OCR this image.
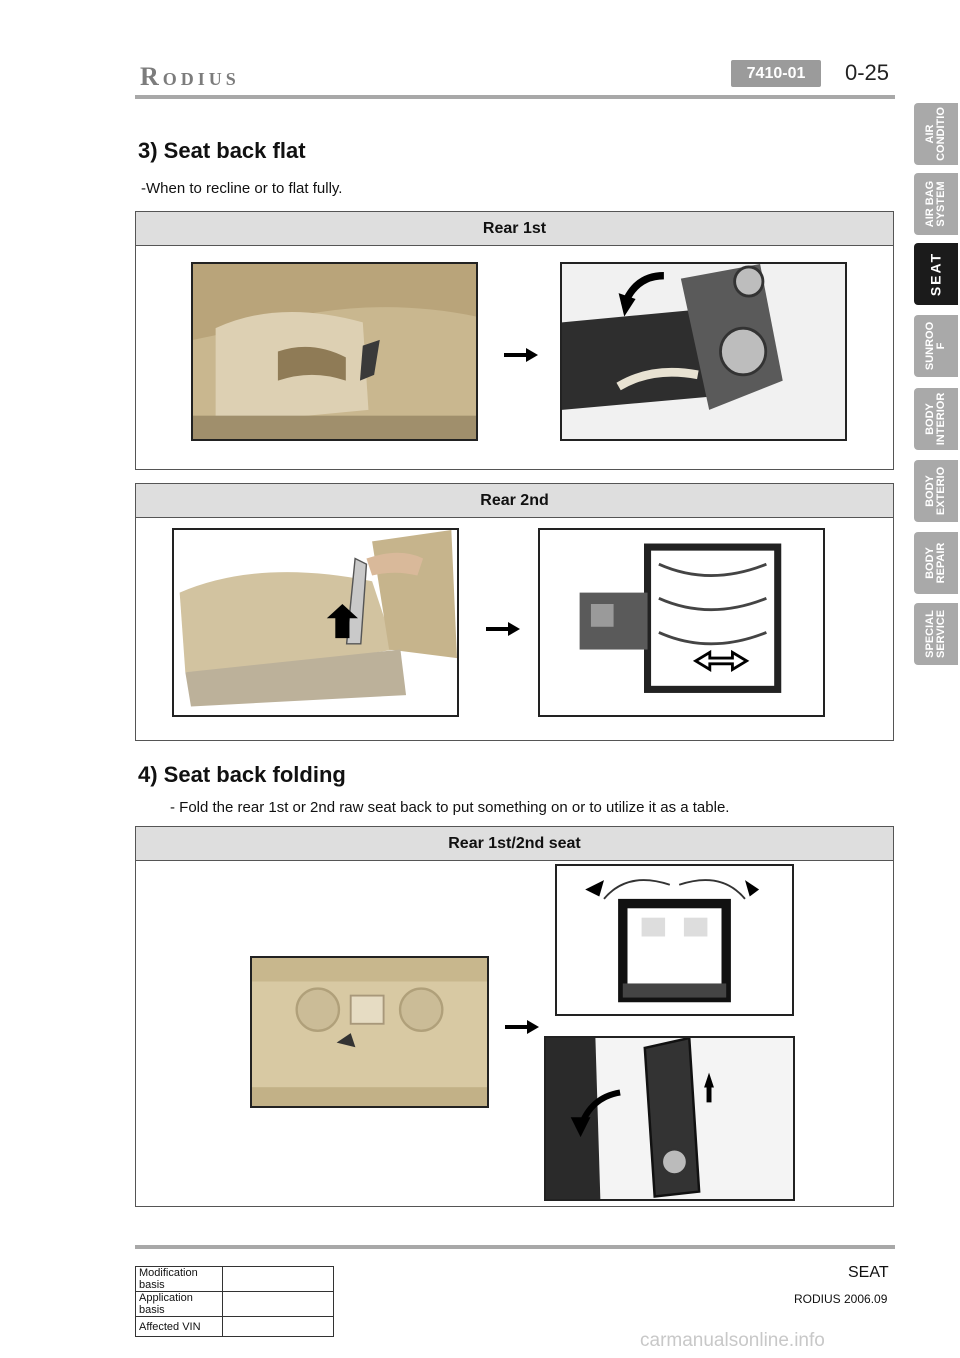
Rodius	7410-01	0-25
AIR
CONDITIO
AIR BAG
SYSTEM
SEAT
SUNROO
F
BODY
INTERIOR
BODY
EXTERIO
BODY
REPAIR
SPECIAL
SERVICE
3) Seat back flat
-When to recline or to flat fully.
Rear 1st
Rear 2nd
4) Seat back folding
- Fold the rear 1st or 2nd raw seat back to put something on or to utilize it as a table.
Rear 1st/2nd seat
Modification basis	
Application basis	
Affected VIN	
SEAT
RODIUS 2006.09
carmanualsonline.info
